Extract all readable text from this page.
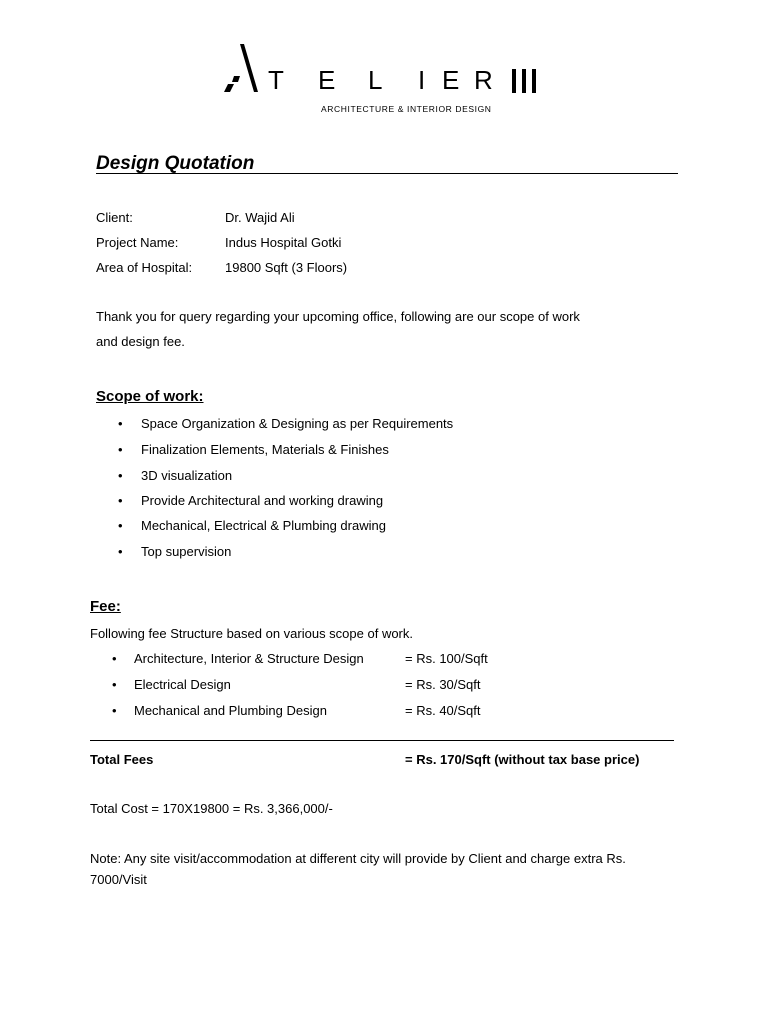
T E L I E R
ARCHITECTURE & INTERIOR DESIGN
Design Quotation
Client:	Dr. Wajid Ali
Project Name:	Indus Hospital Gotki
Area of Hospital:	19800 Sqft (3 Floors)
Thank you for query regarding your upcoming office, following are our scope of work
and design fee.
Scope of work:
• Space Organization & Designing as per Requirements
• Finalization Elements, Materials & Finishes
• 3D visualization
• Provide Architectural and working drawing
• Mechanical, Electrical & Plumbing drawing
• Top supervision
Fee:
Following fee Structure based on various scope of work.
• Architecture, Interior & Structure Design	= Rs. 100/Sqft
• Electrical Design	= Rs. 30/Sqft
• Mechanical and Plumbing Design	= Rs. 40/Sqft
Total Fees	= Rs. 170/Sqft (without tax base price)
Total Cost = 170X19800 = Rs. 3,366,000/-
Note: Any site visit/accommodation at different city will provide by Client and charge extra Rs.
7000/Visit
